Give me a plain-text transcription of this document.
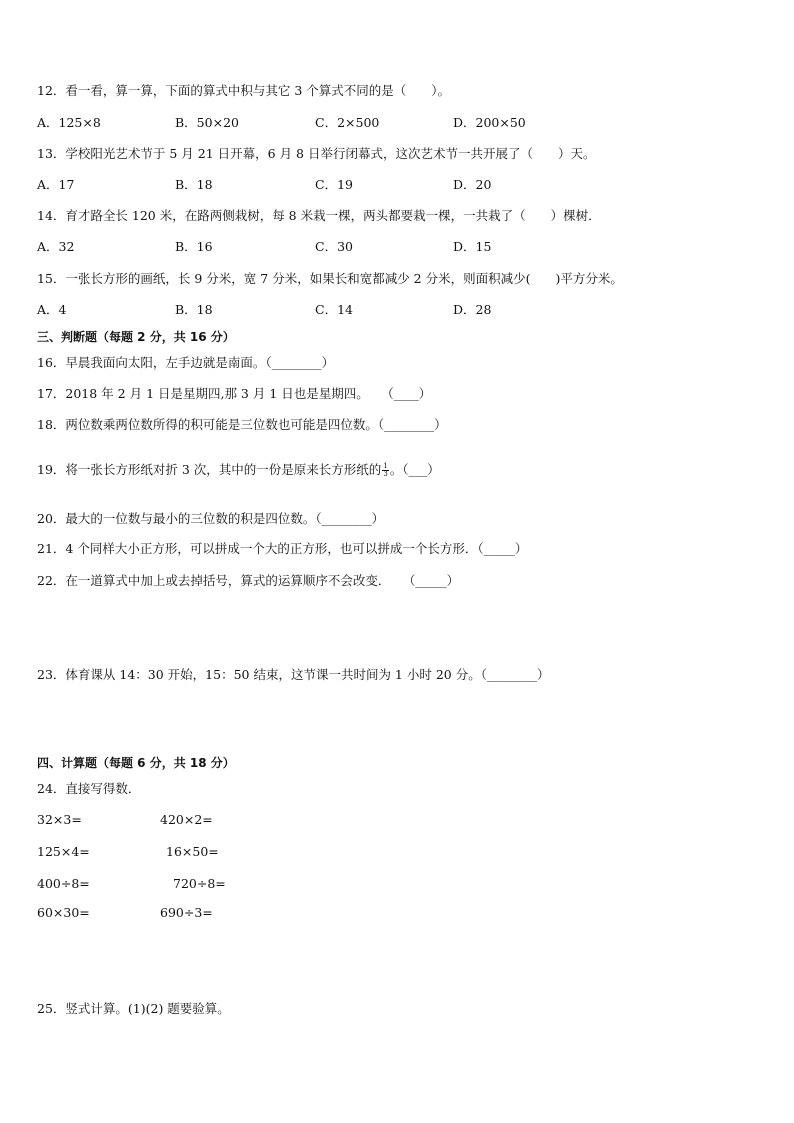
12．看一看，算一算，下面的算式中积与其它 3 个算式不同的是（　　）。
A．125×8	B．50×20	C．2×500	D．200×50
13．学校阳光艺术节于 5 月 21 日开幕，6 月 8 日举行闭幕式，这次艺术节一共开展了（　　）天。
A．17	B．18	C．19	D．20
14．育才路全长 120 米，在路两侧栽树，每 8 米栽一棵，两头都要栽一棵，一共栽了（　　）棵树．
A．32	B．16	C．30	D．15
15．一张长方形的画纸，长 9 分米，宽 7 分米，如果长和宽都减少 2 分米，则面积减少(　　)平方分米。
A．4	B．18	C．14	D．28
三、判断题（每题 2 分，共 16 分）
16．早晨我面向太阳，左手边就是南面。（________）
17．2018 年 2 月 1 日是星期四,那 3 月 1 日也是星期四。　　（____）
18．两位数乘两位数所得的积可能是三位数也可能是四位数。（________）
19．将一张长方形纸对折 3 次，其中的一份是原来长方形纸的 $\frac{1}{3}$ 。（___）
20．最大的一位数与最小的三位数的积是四位数。（________）
21．4 个同样大小正方形，可以拼成一个大的正方形，也可以拼成一个长方形．（_____）
22．在一道算式中加上或去掉括号，算式的运算顺序不会改变．　　（_____）
23．体育课从 14：30 开始，15：50 结束，这节课一共时间为 1 小时 20 分。（________）
四、计算题（每题 6 分，共 18 分）
24．直接写得数．
32×3=	420×2=
125×4=	16×50=
400÷8=	720÷8=
60×30=	690÷3=
25．竖式计算。(1)(2) 题要验算。
